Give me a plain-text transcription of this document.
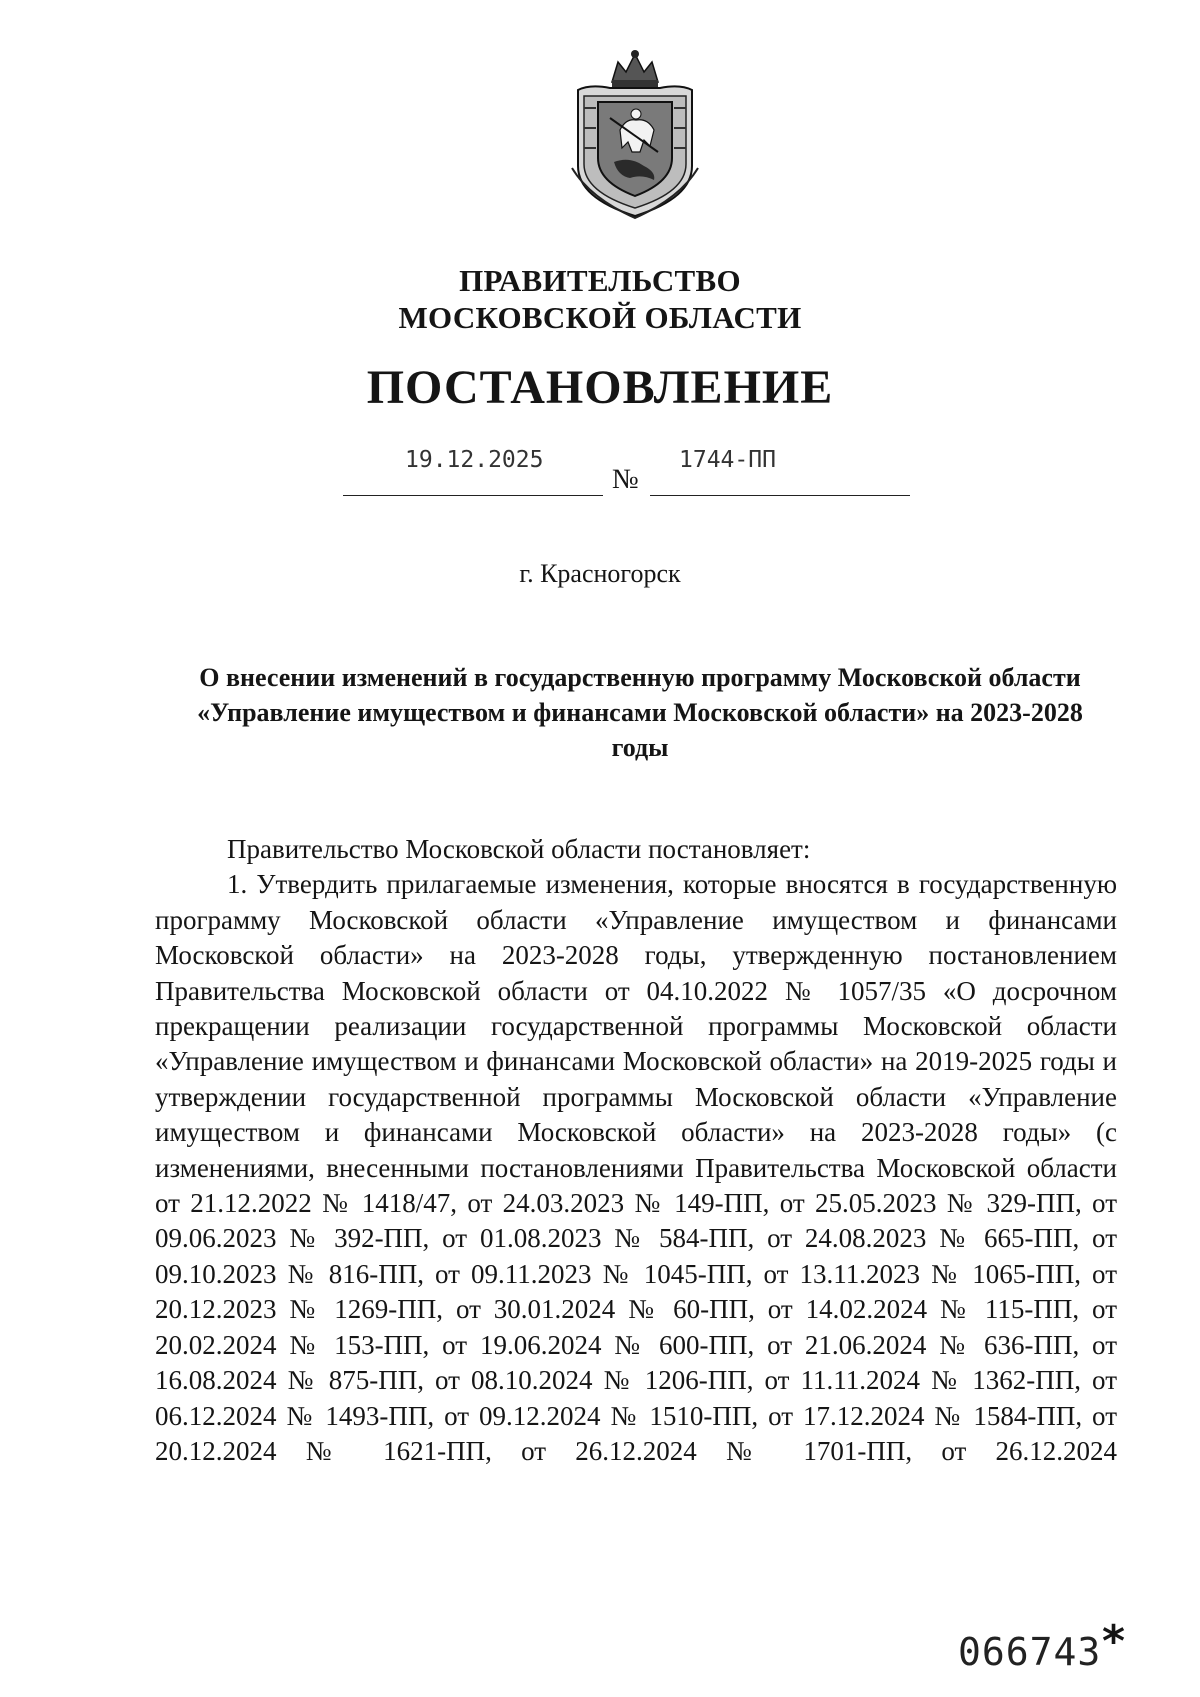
ПРАВИТЕЛЬСТВО
МОСКОВСКОЙ ОБЛАСТИ
ПОСТАНОВЛЕНИЕ
19.12.2025
№
1744-ПП
г. Красногорск
О внесении изменений в государственную программу Московской области «Управление имуществом и финансами Московской области» на 2023-2028 годы

Правительство Московской области постановляет:

1. Утвердить прилагаемые изменения, которые вносятся в государственную программу Московской области «Управление имуществом и финансами Московской области» на 2023-2028 годы, утвержденную постановлением Правительства Московской области от 04.10.2022 № 1057/35 «О досрочном прекращении реализации государственной программы Московской области «Управление имуществом и финансами Московской области» на 2019-2025 годы и утверждении государственной программы Московской области «Управление имуществом и финансами Московской области» на 2023-2028 годы» (с изменениями, внесенными постановлениями Правительства Московской области от 21.12.2022 № 1418/47, от 24.03.2023 № 149-ПП, от 25.05.2023 № 329-ПП, от 09.06.2023 № 392-ПП, от 01.08.2023 № 584-ПП, от 24.08.2023 № 665-ПП, от 09.10.2023 № 816-ПП, от 09.11.2023 № 1045-ПП, от 13.11.2023 № 1065-ПП, от 20.12.2023 № 1269-ПП, от 30.01.2024 № 60-ПП, от 14.02.2024 № 115-ПП, от 20.02.2024 № 153-ПП, от 19.06.2024 № 600-ПП, от 21.06.2024 № 636-ПП, от 16.08.2024 № 875-ПП, от 08.10.2024 № 1206-ПП, от 11.11.2024 № 1362-ПП, от 06.12.2024 № 1493-ПП, от 09.12.2024 № 1510-ПП, от 17.12.2024 № 1584-ПП, от 20.12.2024 № 1621-ПП, от 26.12.2024 № 1701-ПП, от 26.12.2024

066743 *
